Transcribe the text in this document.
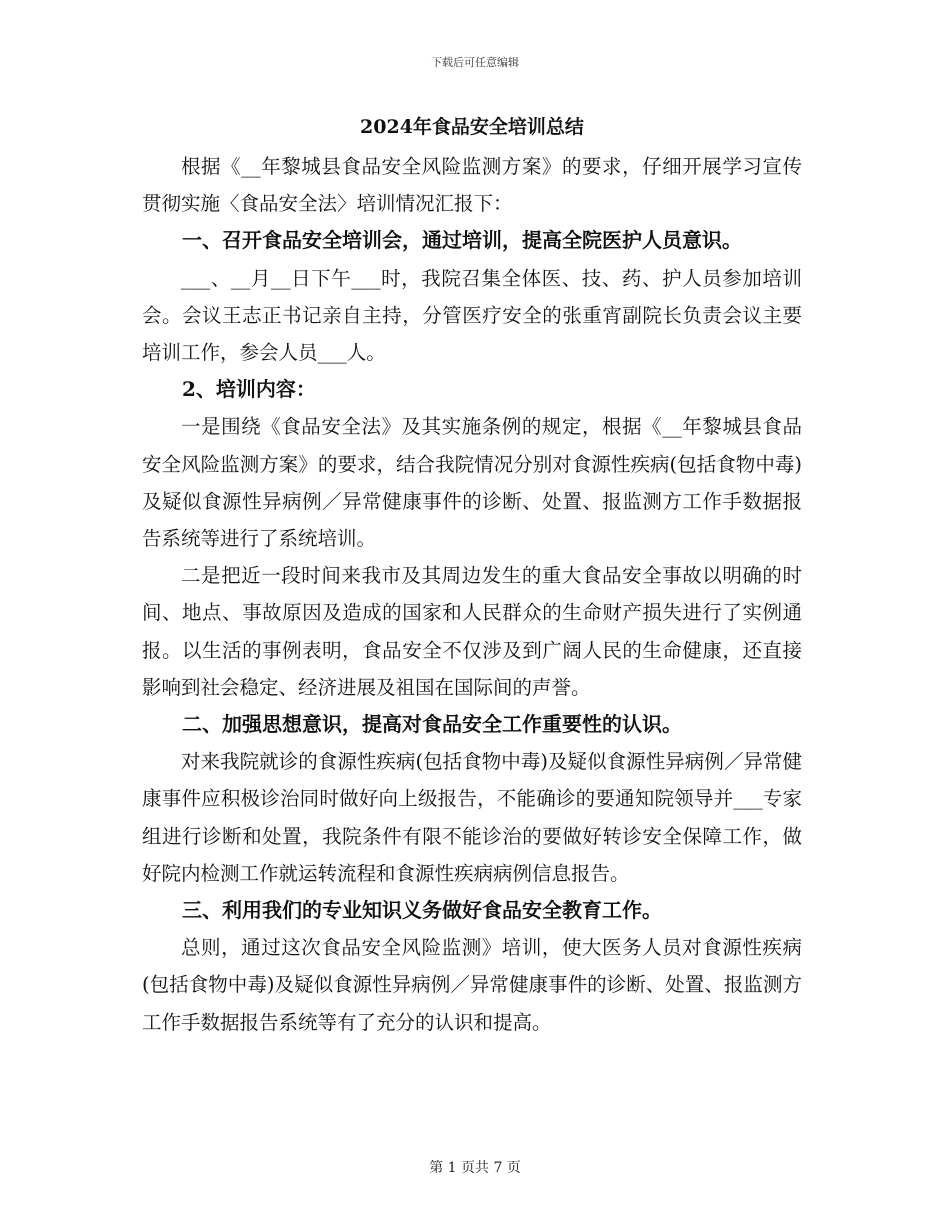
下载后可任意编辑
2024年食品安全培训总结

根据《__年黎城县食品安全风险监测方案》的要求，仔细开展学习宣传贯彻实施〈食品安全法〉培训情况汇报下：

一、召开食品安全培训会，通过培训，提高全院医护人员意识。

___、__月__日下午___时，我院召集全体医、技、药、护人员参加培训会。会议王志正书记亲自主持，分管医疗安全的张重宵副院长负责会议主要培训工作，参会人员___人。

2、培训内容：

一是围绕《食品安全法》及其实施条例的规定，根据《__年黎城县食品安全风险监测方案》的要求，结合我院情况分别对食源性疾病(包括食物中毒)及疑似食源性异病例／异常健康事件的诊断、处置、报监测方工作手数据报告系统等进行了系统培训。

二是把近一段时间来我市及其周边发生的重大食品安全事故以明确的时间、地点、事故原因及造成的国家和人民群众的生命财产损失进行了实例通报。以生活的事例表明，食品安全不仅涉及到广阔人民的生命健康，还直接影响到社会稳定、经济进展及祖国在国际间的声誉。

二、加强思想意识，提高对食品安全工作重要性的认识。

对来我院就诊的食源性疾病(包括食物中毒)及疑似食源性异病例／异常健康事件应积极诊治同时做好向上级报告，不能确诊的要通知院领导并___专家组进行诊断和处置，我院条件有限不能诊治的要做好转诊安全保障工作，做好院内检测工作就运转流程和食源性疾病病例信息报告。

三、利用我们的专业知识义务做好食品安全教育工作。

总则，通过这次食品安全风险监测》培训，使大医务人员对食源性疾病(包括食物中毒)及疑似食源性异病例／异常健康事件的诊断、处置、报监测方工作手数据报告系统等有了充分的认识和提高。

第 1 页共 7 页
